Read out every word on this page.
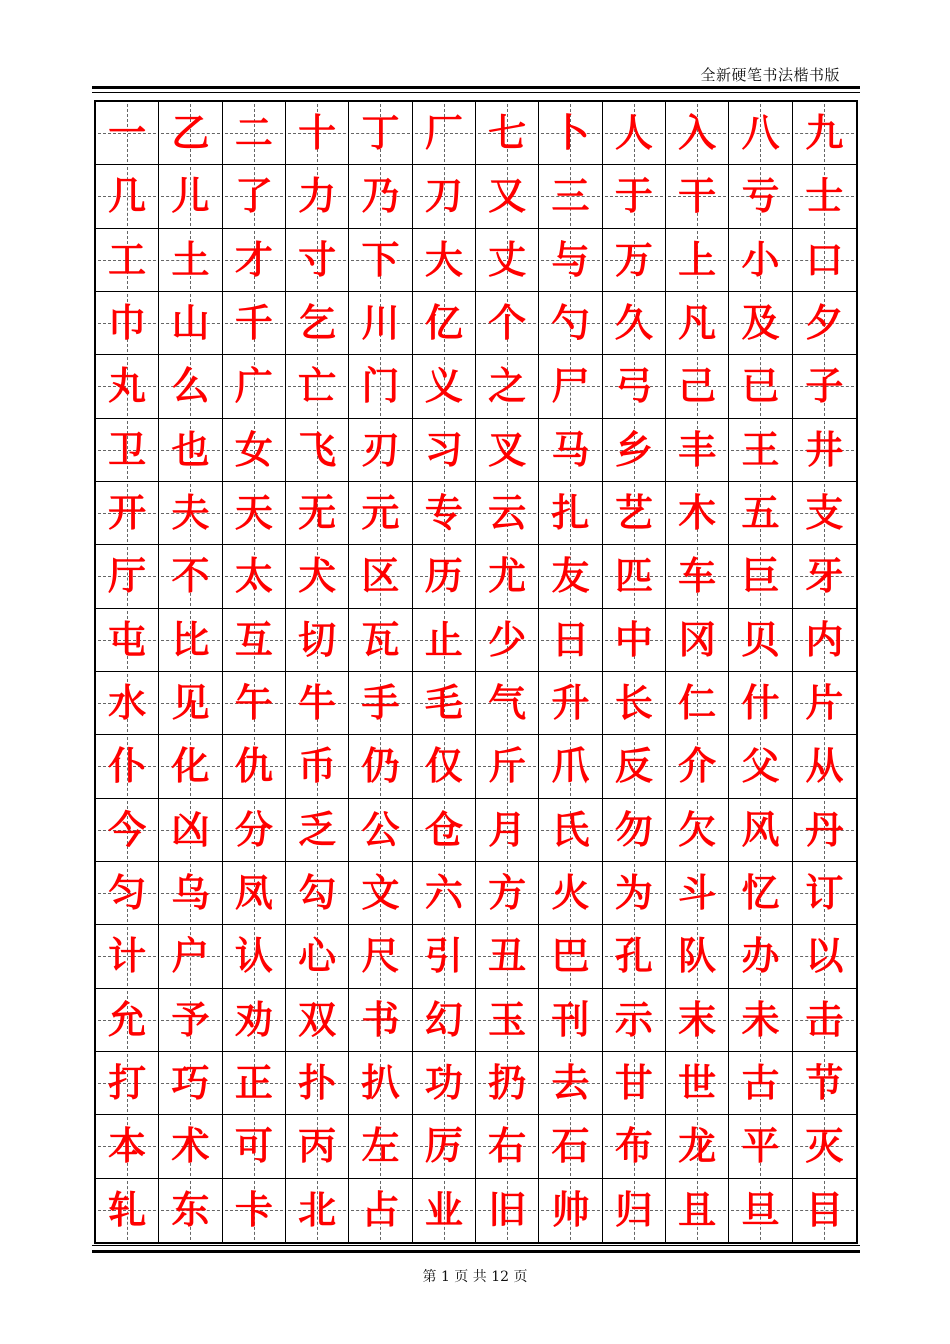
全新硬笔书法楷书版
一 乙 二 十 丁 厂 七 卜 人 入 八 九
几 儿 了 力 乃 刀 又 三 于 干 亏 士
工 土 才 寸 下 大 丈 与 万 上 小 口
巾 山 千 乞 川 亿 个 勺 久 凡 及 夕
丸 么 广 亡 门 义 之 尸 弓 己 已 子
卫 也 女 飞 刃 习 叉 马 乡 丰 王 井
开 夫 天 无 元 专 云 扎 艺 木 五 支
厅 不 太 犬 区 历 尤 友 匹 车 巨 牙
屯 比 互 切 瓦 止 少 日 中 冈 贝 内
水 见 午 牛 手 毛 气 升 长 仁 什 片
仆 化 仇 币 仍 仅 斤 爪 反 介 父 从
今 凶 分 乏 公 仓 月 氏 勿 欠 风 丹
匀 乌 凤 勾 文 六 方 火 为 斗 忆 订
计 户 认 心 尺 引 丑 巴 孔 队 办 以
允 予 劝 双 书 幻 玉 刊 示 末 未 击
打 巧 正 扑 扒 功 扔 去 甘 世 古 节
本 术 可 丙 左 厉 右 石 布 龙 平 灭
轧 东 卡 北 占 业 旧 帅 归 且 旦 目
第 1 页 共 12 页
